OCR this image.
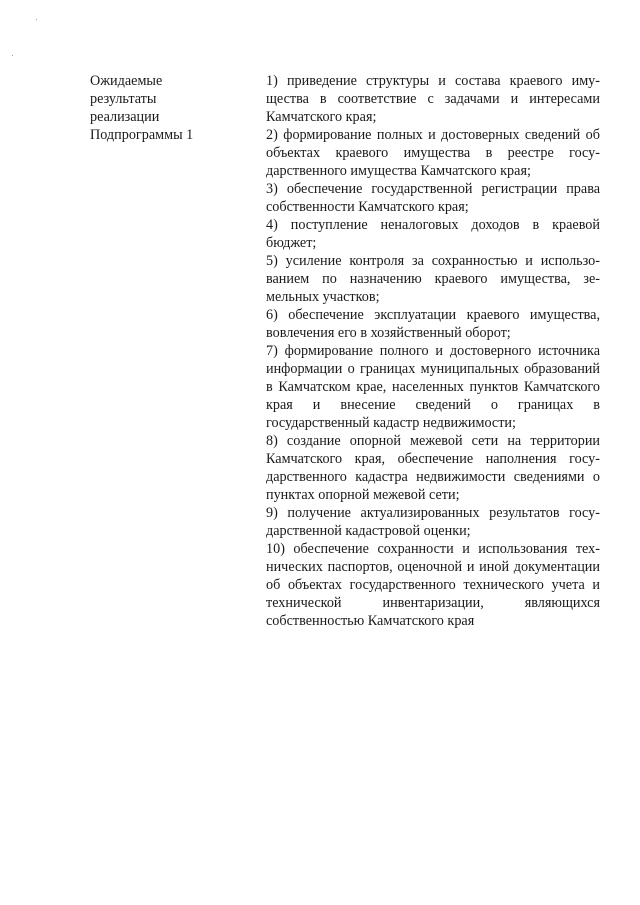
Ожидаемые
результаты
реализации
Подпрограммы 1

1) приведение структуры и состава краевого имущества в соответствие с задачами и интересами Камчатского края;

2) формирование полных и достоверных сведений об объектах краевого имущества в реестре государственного имущества Камчатского края;

3) обеспечение государственной регистрации права собственности Камчатского края;

4) поступление неналоговых доходов в краевой бюджет;

5) усиление контроля за сохранностью и использованием по назначению краевого имущества, земельных участков;

6) обеспечение эксплуатации краевого имущества, вовлечения его в хозяйственный оборот;

7) формирование полного и достоверного источника информации о границах муниципальных образований в Камчатском крае, населенных пунктов Камчатского края и внесение сведений о границах в государственный кадастр недвижимости;

8) создание опорной межевой сети на территории Камчатского края, обеспечение наполнения государственного кадастра недвижимости сведениями о пунктах опорной межевой сети;

9) получение актуализированных результатов государственной кадастровой оценки;

10) обеспечение сохранности и использования технических паспортов, оценочной и иной документации об объектах государственного технического учета и технической инвентаризации, являющихся собственностью Камчатского края
